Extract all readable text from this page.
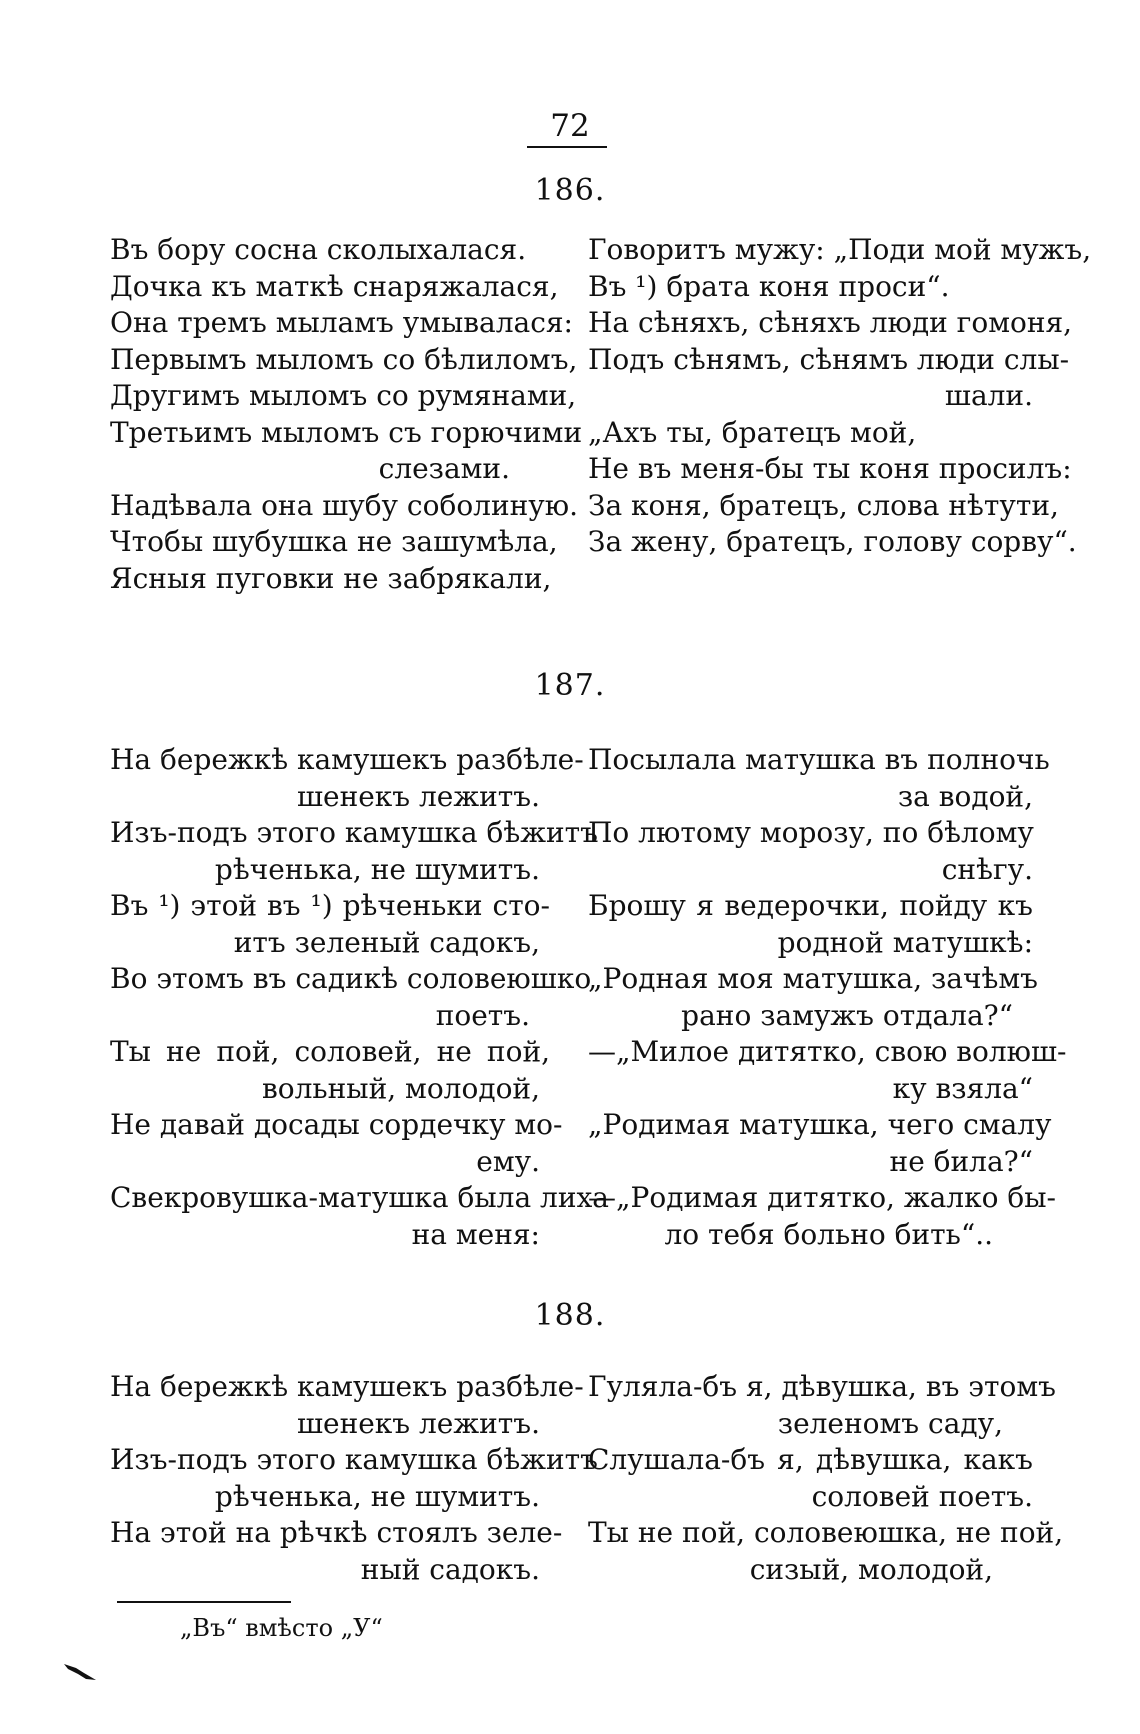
72
186.
Въ бору сосна сколыхалася.
Дочка къ маткѣ снаряжалася,
Она тремъ мыламъ умывалася:
Первымъ мыломъ со бѣлиломъ,
Другимъ мыломъ со румянами,
Третьимъ мыломъ съ горючими
слезами.
Надѣвала она шубу соболиную.
Чтобы шубушка не зашумѣла,
Ясныя пуговки не забрякали,
Говоритъ мужу: „Поди мой мужъ,
Въ ¹) брата коня проси“.
На сѣняхъ, сѣняхъ люди гомоня,
Подъ сѣнямъ, сѣнямъ люди слы-
шали.
„Ахъ ты, братецъ мой,
Не въ меня-бы ты коня просилъ:
За коня, братецъ, слова нѣтути,
За жену, братецъ, голову сорву“.
187.
На бережкѣ камушекъ разбѣле-
шенекъ лежитъ.
Изъ-подъ этого камушка бѣжитъ
рѣченька, не шумитъ.
Въ ¹) этой въ ¹) рѣченьки сто-
итъ зеленый садокъ,
Во этомъ въ садикѣ соловеюшко
поетъ.
Ты не пой, соловей, не пой,
вольный, молодой,
Не давай досады сордечку мо-
ему.
Свекровушка-матушка была лиха
на меня:
Посылала матушка въ полночь
за водой,
По лютому морозу, по бѣлому
снѣгу.
Брошу я ведерочки, пойду къ
родной матушкѣ:
„Родная моя матушка, зачѣмъ
рано замужъ отдала?“
—„Милое дитятко, свою волюш-
ку взяла“
„Родимая матушка, чего смалу
не била?“
—„Родимая дитятко, жалко бы-
ло тебя больно бить“..
188.
На бережкѣ камушекъ разбѣле-
шенекъ лежитъ.
Изъ-подъ этого камушка бѣжитъ
рѣченька, не шумитъ.
На этой на рѣчкѣ стоялъ зеле-
ный садокъ.
Гуляла-бъ я, дѣвушка, въ этомъ
зеленомъ саду,
Слушала-бъ я, дѣвушка, какъ
соловей поетъ.
Ты не пой, соловеюшка, не пой,
сизый, молодой,
„Въ“ вмѣсто „У“
